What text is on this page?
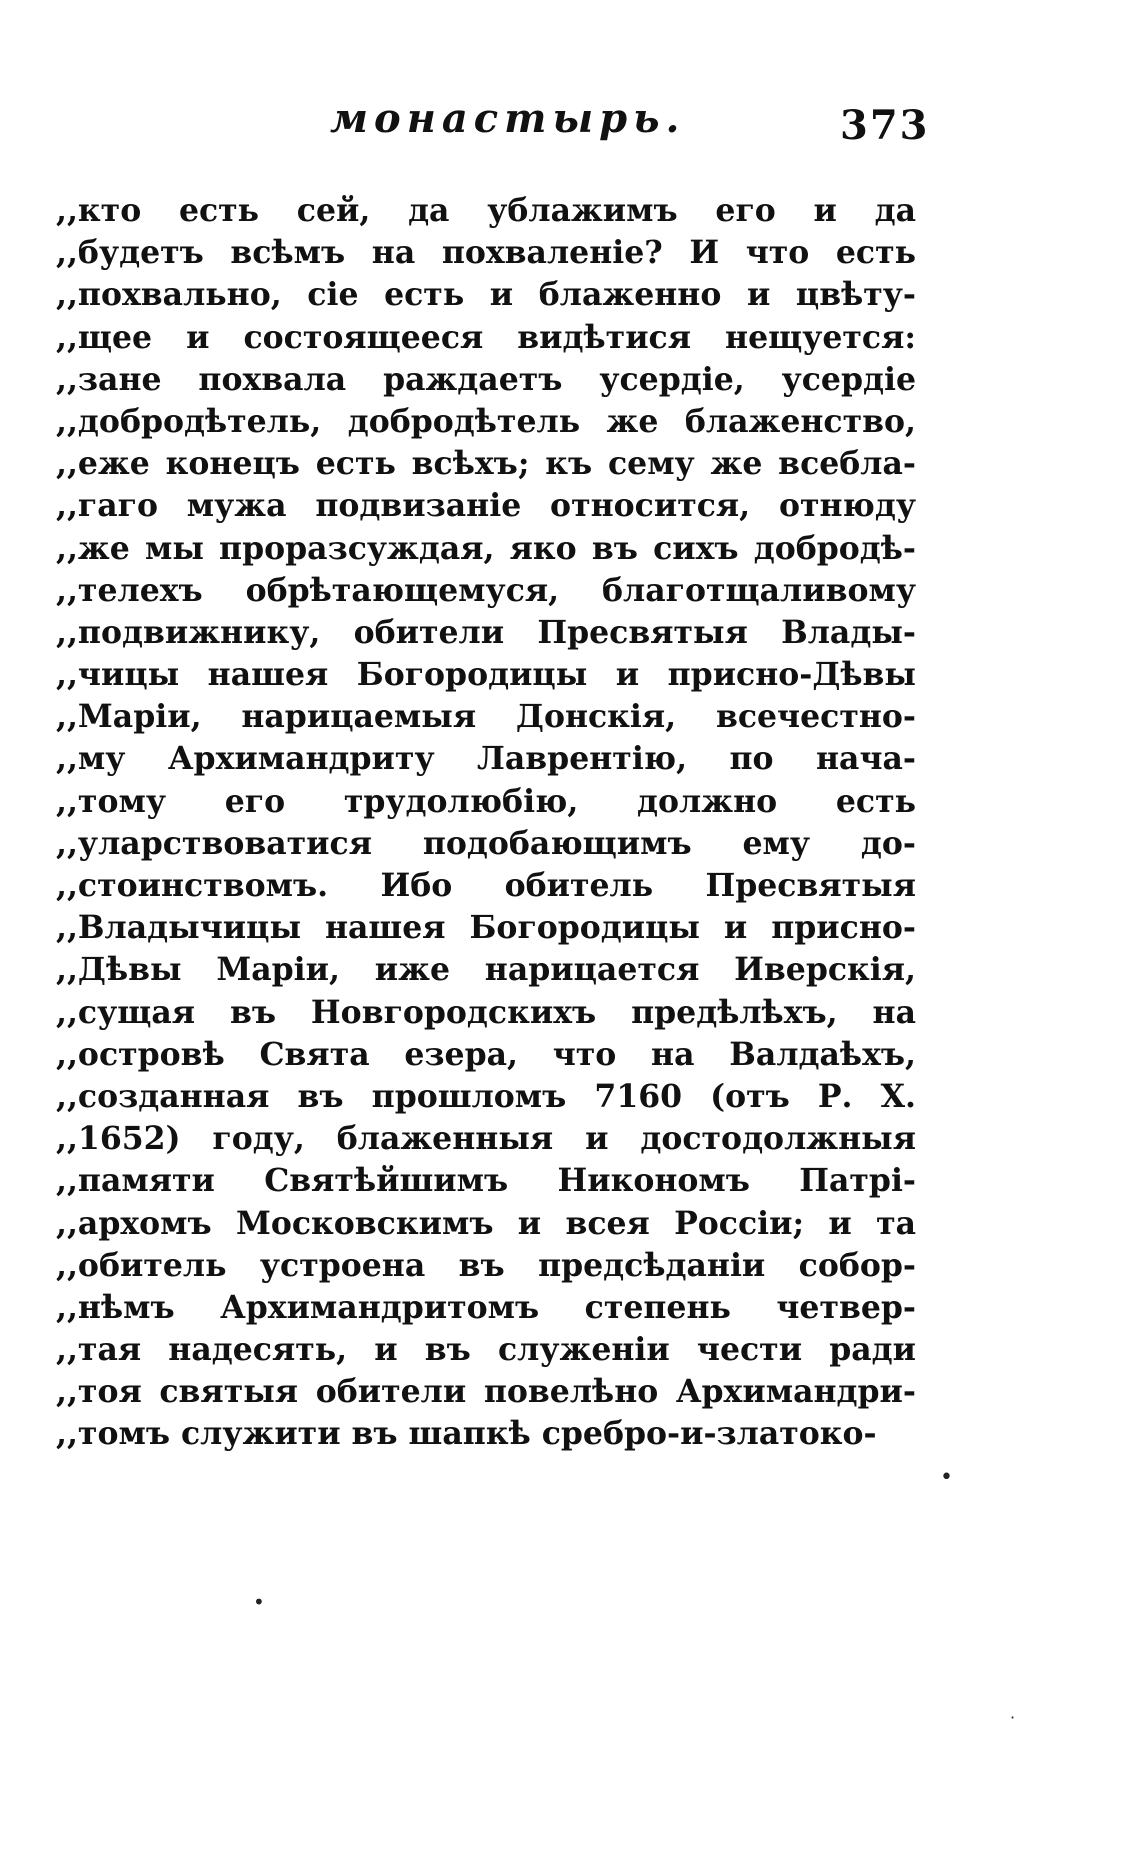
монастырь.	373
,,кто есть сей, да ублажимъ его и да
,,будетъ всѣмъ на похваленіе? И что есть
,,похвально, сіе есть и блаженно и цвѣту-
,,щее и состоящееся видѣтися нещуется:
,,зане похвала раждаетъ усердіе, усердіе
,,добродѣтель, добродѣтель же блаженство,
,,еже конецъ есть всѣхъ; къ сему же всебла-
,,гаго мужа подвизаніе относится, отнюду
,,же мы проразсуждая, яко въ сихъ добродѣ-
,,телехъ обрѣтающемуся, благотщаливому
,,подвижнику, обители Пресвятыя Влады-
,,чицы нашея Богородицы и присно-Дѣвы
,,Маріи, нарицаемыя Донскія, всечестно-
,,му Архимандриту Лаврентію, по нача-
,,тому его трудолюбію, должно есть
,,уларствоватися подобающимъ ему до-
,,стоинствомъ. Ибо обитель Пресвятыя
,,Владычицы нашея Богородицы и присно-
,,Дѣвы Маріи, иже нарицается Иверскія,
,,сущая въ Новгородскихъ предѣлѣхъ, на
,,островѣ Свята езера, что на Валдаѣхъ,
,,созданная въ прошломъ 7160 (отъ Р. Х.
,,1652) году, блаженныя и достодолжныя
,,памяти Святѣйшимъ Никономъ Патрі-
,,архомъ Московскимъ и всея Россіи; и та
,,обитель устроена въ предсѣданіи собор-
,,нѣмъ Архимандритомъ степень четвер-
,,тая надесять, и въ служеніи чести ради
,,тоя святыя обители повелѣно Архимандри-
,,томъ служити въ шапкѣ сребро-и-златоко-
•
•
·
